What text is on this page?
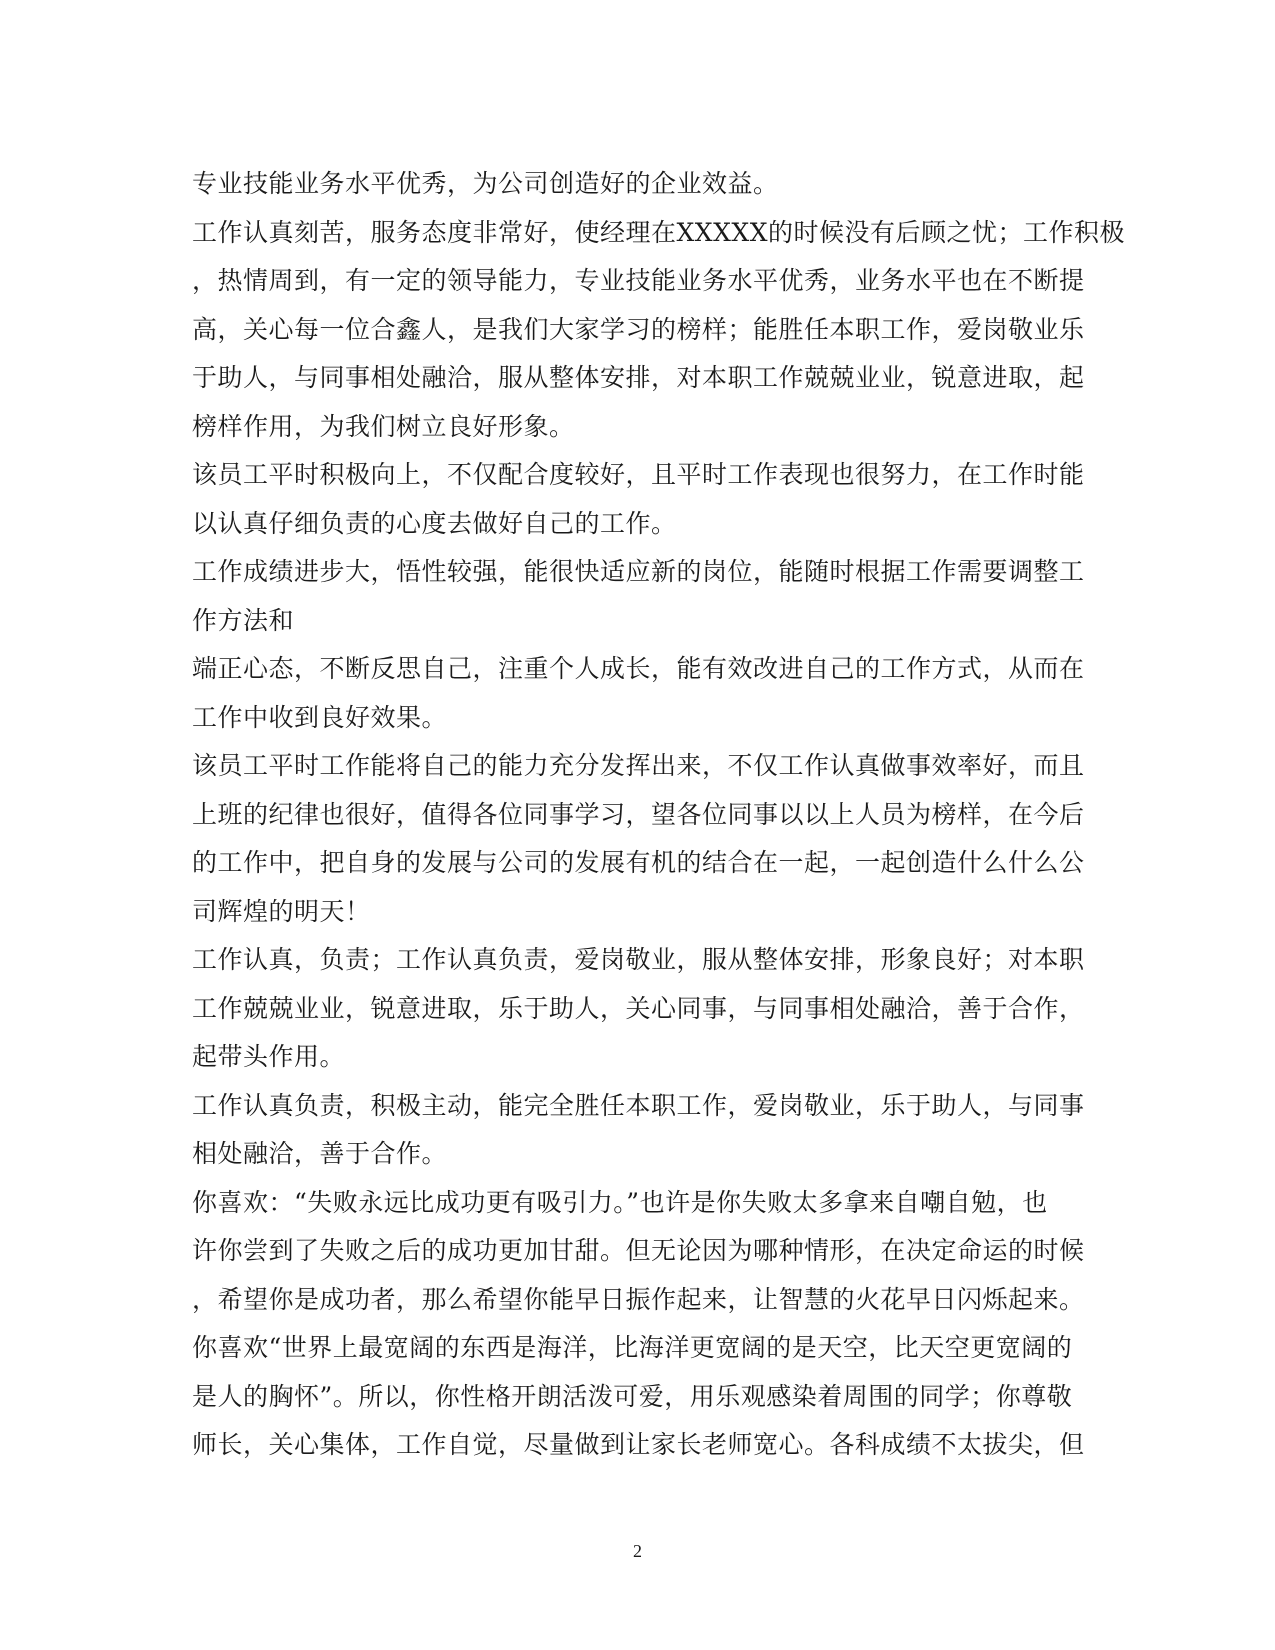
专业技能业务水平优秀，为公司创造好的企业效益。
工作认真刻苦，服务态度非常好，使经理在XXXXX的时候没有后顾之忧；工作积极
，热情周到，有一定的领导能力，专业技能业务水平优秀，业务水平也在不断提
高，关心每一位合鑫人，是我们大家学习的榜样；能胜任本职工作，爱岗敬业乐
于助人，与同事相处融洽，服从整体安排，对本职工作兢兢业业，锐意进取，起
榜样作用，为我们树立良好形象。
该员工平时积极向上，不仅配合度较好，且平时工作表现也很努力，在工作时能
以认真仔细负责的心度去做好自己的工作。
工作成绩进步大，悟性较强，能很快适应新的岗位，能随时根据工作需要调整工
作方法和
端正心态，不断反思自己，注重个人成长，能有效改进自己的工作方式，从而在
工作中收到良好效果。
该员工平时工作能将自己的能力充分发挥出来，不仅工作认真做事效率好，而且
上班的纪律也很好，值得各位同事学习，望各位同事以以上人员为榜样，在今后
的工作中，把自身的发展与公司的发展有机的结合在一起，一起创造什么什么公
司辉煌的明天！
工作认真，负责；工作认真负责，爱岗敬业，服从整体安排，形象良好；对本职
工作兢兢业业，锐意进取，乐于助人，关心同事，与同事相处融洽，善于合作，
起带头作用。
工作认真负责，积极主动，能完全胜任本职工作，爱岗敬业，乐于助人，与同事
相处融洽，善于合作。
你喜欢：“失败永远比成功更有吸引力。”也许是你失败太多拿来自嘲自勉，也
许你尝到了失败之后的成功更加甘甜。但无论因为哪种情形，在决定命运的时候
，希望你是成功者，那么希望你能早日振作起来，让智慧的火花早日闪烁起来。
你喜欢“世界上最宽阔的东西是海洋，比海洋更宽阔的是天空，比天空更宽阔的
是人的胸怀”。所以，你性格开朗活泼可爱，用乐观感染着周围的同学；你尊敬
师长，关心集体，工作自觉，尽量做到让家长老师宽心。各科成绩不太拔尖，但
2
